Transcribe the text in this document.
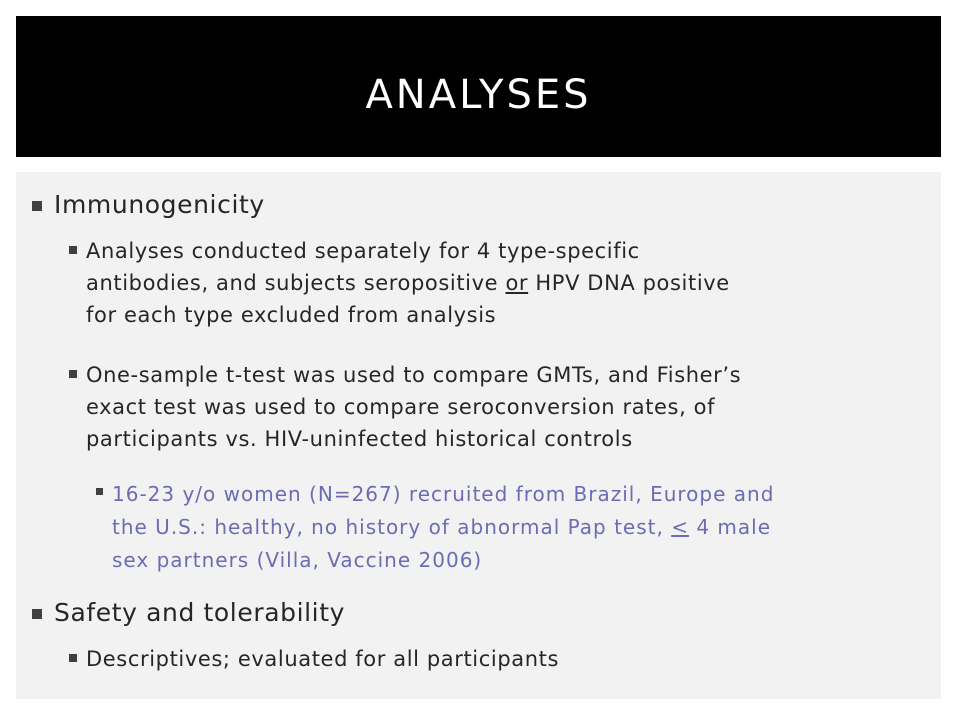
ANALYSES
Immunogenicity
Analyses conducted separately for 4 type-specific
antibodies, and subjects seropositive or HPV DNA positive
for each type excluded from analysis
One-sample t-test was used to compare GMTs, and Fisher’s
exact test was used to compare seroconversion rates, of
participants vs. HIV-uninfected historical controls
16-23 y/o women (N=267) recruited from Brazil, Europe and
the U.S.: healthy, no history of abnormal Pap test, < 4 male
sex partners (Villa, Vaccine 2006)
Safety and tolerability
Descriptives; evaluated for all participants
